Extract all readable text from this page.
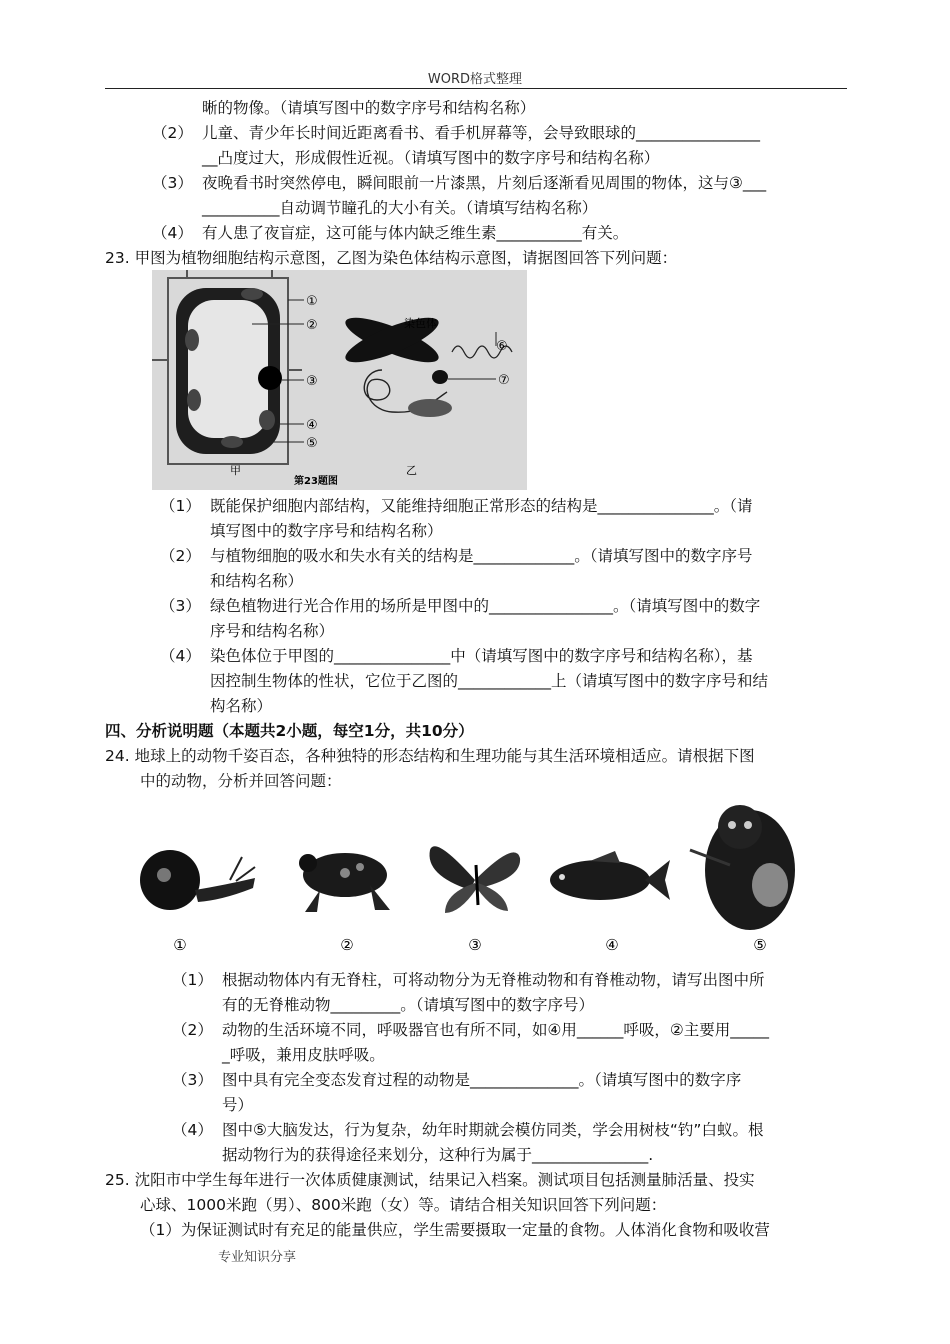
WORD格式整理
晰的物像。（请填写图中的数字序号和结构名称）
（2） 儿童、青少年长时间近距离看书、看手机屏幕等，会导致眼球的________________
__凸度过大，形成假性近视。（请填写图中的数字序号和结构名称）
（3） 夜晚看书时突然停电，瞬间眼前一片漆黑，片刻后逐渐看见周围的物体，这与③___
__________自动调节瞳孔的大小有关。（请填写结构名称）
（4） 有人患了夜盲症，这可能与体内缺乏维生素___________有关。
23. 甲图为植物细胞结构示意图，乙图为染色体结构示意图，请据图回答下列问题：
①
②
③
④
⑤
染色体
⑥
⑦
甲	乙
第23题图
（1） 既能保护细胞内部结构，又能维持细胞正常形态的结构是_______________。（请
填写图中的数字序号和结构名称）
（2） 与植物细胞的吸水和失水有关的结构是_____________。（请填写图中的数字序号
和结构名称）
（3） 绿色植物进行光合作用的场所是甲图中的________________。（请填写图中的数字
序号和结构名称）
（4） 染色体位于甲图的_______________中（请填写图中的数字序号和结构名称），基
因控制生物体的性状，它位于乙图的____________上（请填写图中的数字序号和结
构名称）
四、分析说明题（本题共2小题，每空1分，共10分）
24. 地球上的动物千姿百态，各种独特的形态结构和生理功能与其生活环境相适应。请根据下图
中的动物，分析并回答问题：
①	②	③	④	⑤
（1） 根据动物体内有无脊柱，可将动物分为无脊椎动物和有脊椎动物，请写出图中所
有的无脊椎动物_________。（请填写图中的数字序号）
（2） 动物的生活环境不同，呼吸器官也有所不同，如④用______呼吸，②主要用_____
_呼吸，兼用皮肤呼吸。
（3） 图中具有完全变态发育过程的动物是______________。（请填写图中的数字序
号）
（4） 图中⑤大脑发达，行为复杂，幼年时期就会模仿同类，学会用树枝“钓”白蚁。根
据动物行为的获得途径来划分，这种行为属于_______________.
25. 沈阳市中学生每年进行一次体质健康测试，结果记入档案。测试项目包括测量肺活量、投实
心球、1000米跑（男）、800米跑（女）等。请结合相关知识回答下列问题：
（1）为保证测试时有充足的能量供应，学生需要摄取一定量的食物。人体消化食物和吸收营
专业知识分享
